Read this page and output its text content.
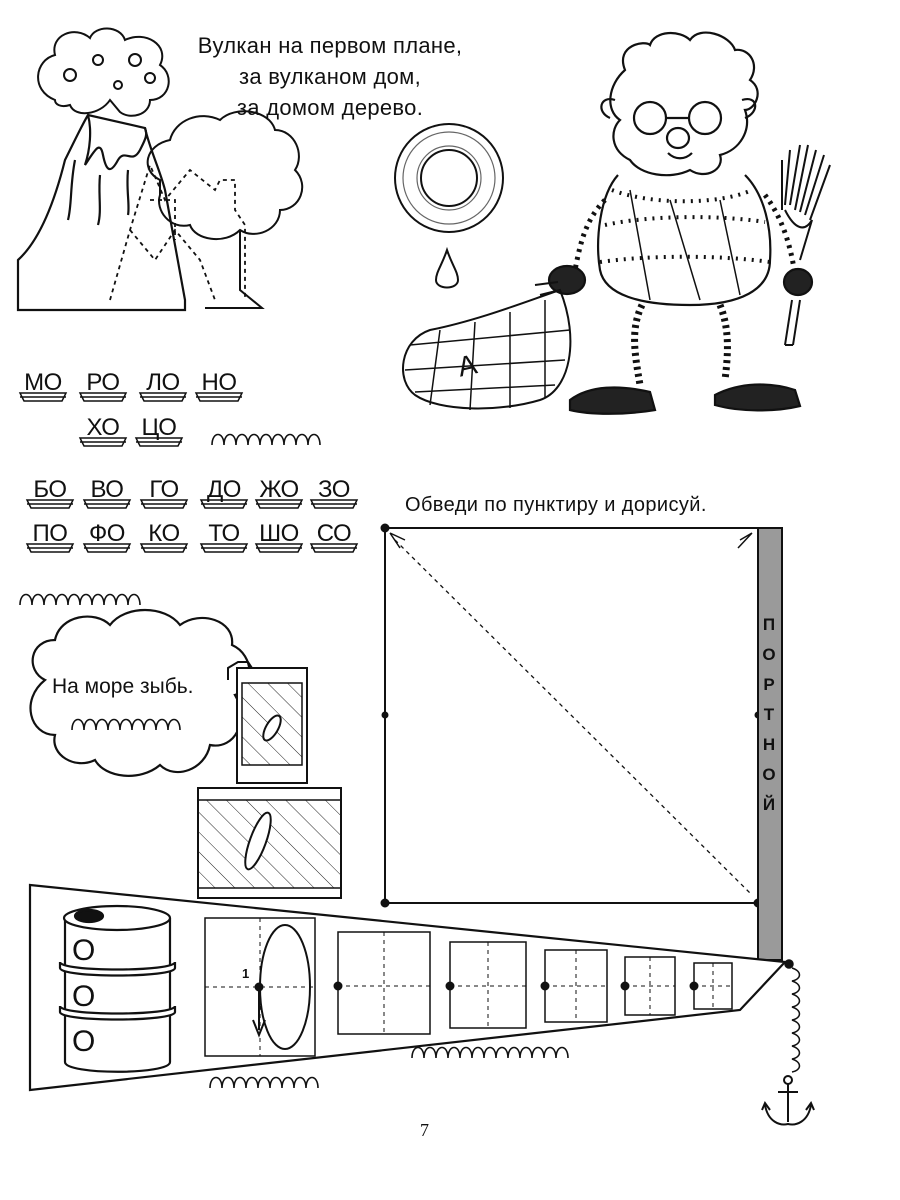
Вулкан на первом плане,
за вулканом дом,
за домом дерево.
А
МО	РО	ЛО НО
ХО ЦО
БО ВО	ГО	ДО ЖО ЗО
ПО ФО КО	ТО ШО СО
Обведи по пунктиру и дорисуй.
П
О
Р
Т
Н
О
Й
На море зыбь.
О
О
О
1
7
